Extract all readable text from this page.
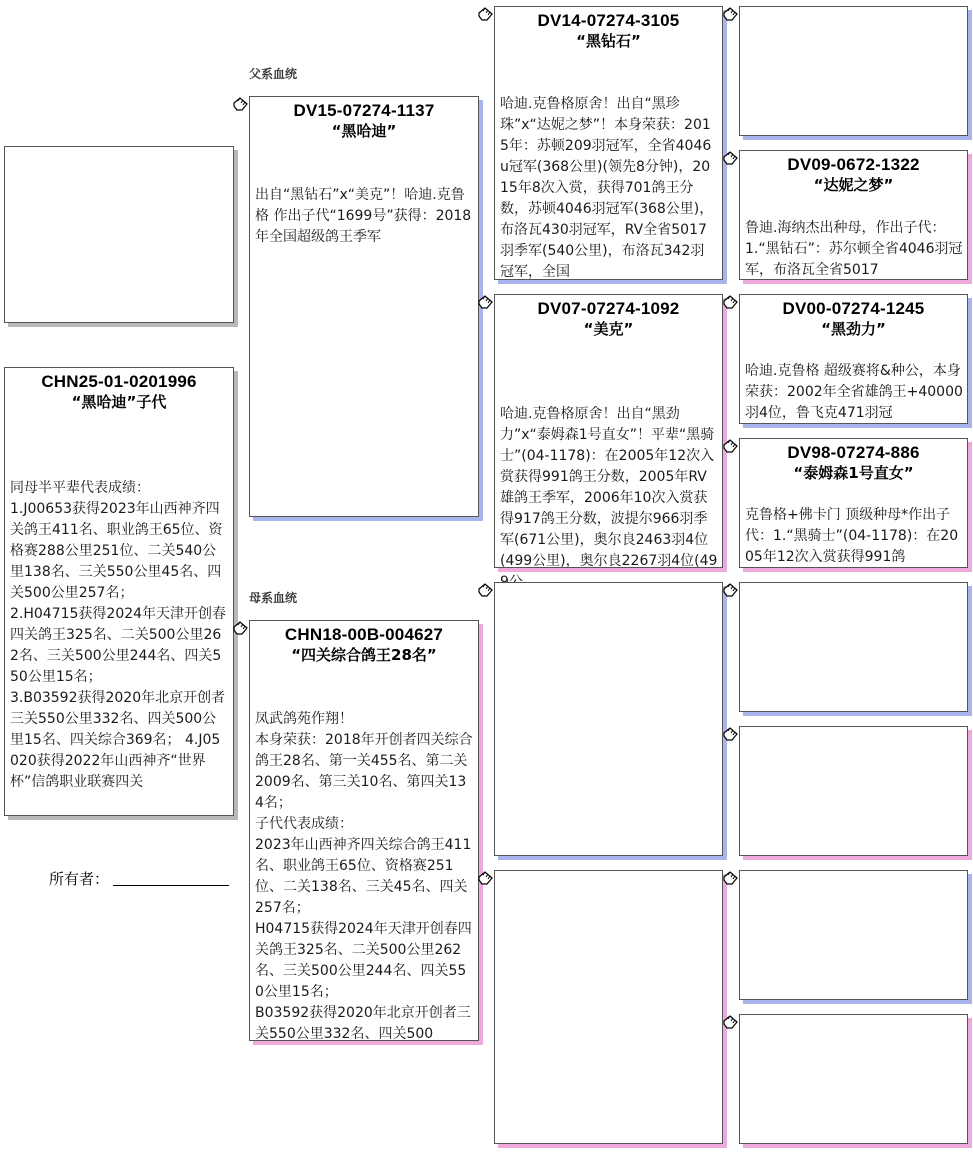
CHN25-01-0201996
“黑哈迪”子代
同母半平辈代表成绩：
1.J00653获得2023年山西神齐四关鸽王411名、职业鸽王65位、资格赛288公里251位、二关540公里138名、三关550公里45名、四关500公里257名；
2.H04715获得2024年天津开创春四关鸽王325名、二关500公里262名、三关500公里244名、四关550公里15名；
3.B03592获得2020年北京开创者三关550公里332名、四关500公里15名、四关综合369名； 4.J05020获得2022年山西神齐“世界杯”信鸽职业联赛四关
所有者：
父系血统
母系血统
DV15-07274-1137
“黑哈迪”
出自“黑钻石”x“美克”！哈迪.克鲁格 作出子代“1699号”获得：2018年全国超级鸽王季军
CHN18-00B-004627
“四关综合鸽王28名”
凤武鸽苑作翔！
本身荣获：2018年开创者四关综合鸽王28名、第一关455名、第二关2009名、第三关10名、第四关134名；
子代代表成绩：
2023年山西神齐四关综合鸽王411名、职业鸽王65位、资格赛251位、二关138名、三关45名、四关257名；
H04715获得2024年天津开创春四关鸽王325名、二关500公里262名、三关500公里244名、四关550公里15名；
B03592获得2020年北京开创者三关550公里332名、四关500
DV14-07274-3105
“黑钻石”
哈迪.克鲁格原舍！出自“黑珍珠”x“达妮之梦”！本身荣获：2015年：苏顿209羽冠军，全省4046u冠军(368公里)(领先8分钟)，2015年8次入赏，获得701鸽王分数，苏顿4046羽冠军(368公里)，布洛瓦430羽冠军，RV全省5017羽季军(540公里)，布洛瓦342羽冠军，全国
DV07-07274-1092
“美克”
哈迪.克鲁格原舍！出自“黑劲力”x“泰姆森1号直女”！平辈“黑骑士”(04-1178)：在2005年12次入赏获得991鸽王分数，2005年RV雄鸽王季军，2006年10次入赏获得917鸽王分数，波提尔966羽季军(671公里)，奥尔良2463羽4位(499公里)，奥尔良2267羽4位(49
DV09-0672-1322
“达妮之梦”
鲁迪.海纳杰出种母，作出子代：1.“黑钻石”：苏尔顿全省4046羽冠军，布洛瓦全省5017
DV00-07274-1245
“黑劲力”
哈迪.克鲁格 超级赛将&种公，本身荣获：2002年全省雄鸽王+40000羽4位，鲁飞克471羽冠
DV98-07274-886
“泰姆森1号直女”
克鲁格+佛卡门 顶级种母*作出子代：1.“黑骑士”(04-1178)：在2005年12次入赏获得991鸽
